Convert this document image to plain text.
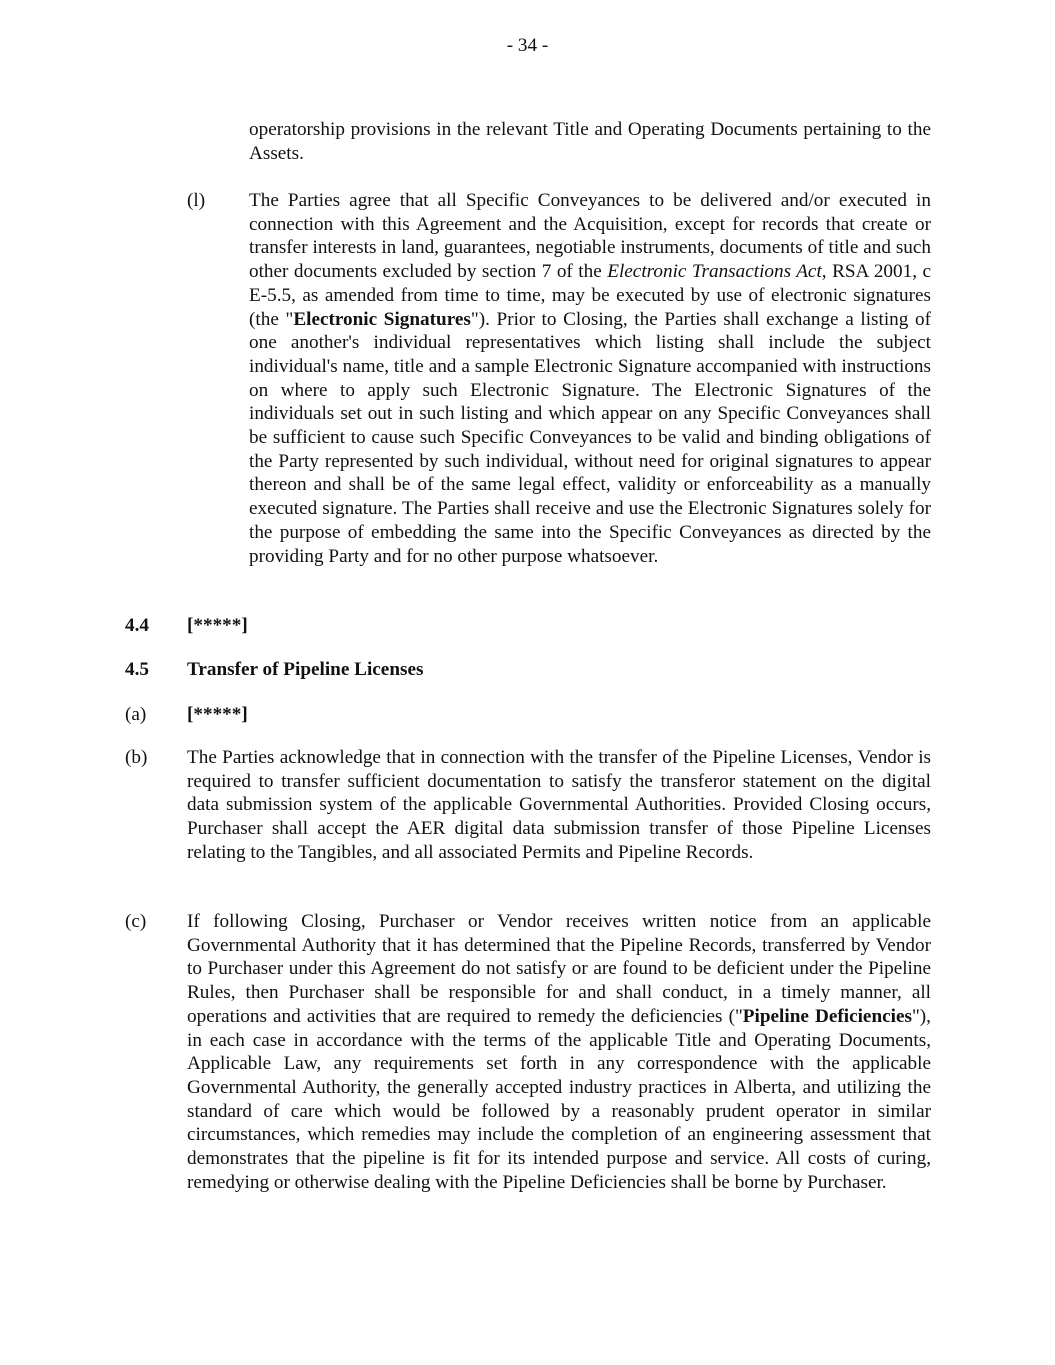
- 34 -

operatorship provisions in the relevant Title and Operating Documents pertaining to the Assets.

(l) The Parties agree that all Specific Conveyances to be delivered and/or executed in connection with this Agreement and the Acquisition, except for records that create or transfer interests in land, guarantees, negotiable instruments, documents of title and such other documents excluded by section 7 of the Electronic Transactions Act, RSA 2001, c E-5.5, as amended from time to time, may be executed by use of electronic signatures (the "Electronic Signatures"). Prior to Closing, the Parties shall exchange a listing of one another's individual representatives which listing shall include the subject individual's name, title and a sample Electronic Signature accompanied with instructions on where to apply such Electronic Signature. The Electronic Signatures of the individuals set out in such listing and which appear on any Specific Conveyances shall be sufficient to cause such Specific Conveyances to be valid and binding obligations of the Party represented by such individual, without need for original signatures to appear thereon and shall be of the same legal effect, validity or enforceability as a manually executed signature. The Parties shall receive and use the Electronic Signatures solely for the purpose of embedding the same into the Specific Conveyances as directed by the providing Party and for no other purpose whatsoever.

4.4 [*****]
4.5 Transfer of Pipeline Licenses
(a) [*****]
(b) The Parties acknowledge that in connection with the transfer of the Pipeline Licenses, Vendor is required to transfer sufficient documentation to satisfy the transferor statement on the digital data submission system of the applicable Governmental Authorities. Provided Closing occurs, Purchaser shall accept the AER digital data submission transfer of those Pipeline Licenses relating to the Tangibles, and all associated Permits and Pipeline Records.

(c) If following Closing, Purchaser or Vendor receives written notice from an applicable Governmental Authority that it has determined that the Pipeline Records, transferred by Vendor to Purchaser under this Agreement do not satisfy or are found to be deficient under the Pipeline Rules, then Purchaser shall be responsible for and shall conduct, in a timely manner, all operations and activities that are required to remedy the deficiencies ("Pipeline Deficiencies"), in each case in accordance with the terms of the applicable Title and Operating Documents, Applicable Law, any requirements set forth in any correspondence with the applicable Governmental Authority, the generally accepted industry practices in Alberta, and utilizing the standard of care which would be followed by a reasonably prudent operator in similar circumstances, which remedies may include the completion of an engineering assessment that demonstrates that the pipeline is fit for its intended purpose and service. All costs of curing, remedying or otherwise dealing with the Pipeline Deficiencies shall be borne by Purchaser.
